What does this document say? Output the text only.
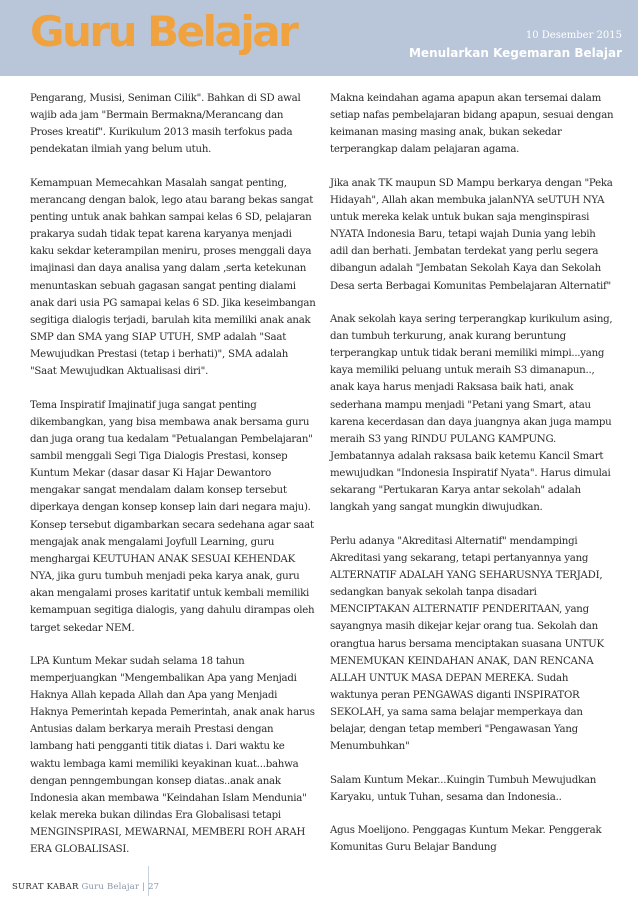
Guru Belajar	10 Desember 2015
Menularkan Kegemaran Belajar

Pengarang, Musisi, Seniman Cilik". Bahkan di SD awal wajib ada jam "Bermain Bermakna/Merancang dan Proses kreatif". Kurikulum 2013 masih terfokus pada pendekatan ilmiah yang belum utuh.

Kemampuan Memecahkan Masalah sangat penting, merancang dengan balok, lego atau barang bekas sangat penting untuk anak bahkan sampai kelas 6 SD, pelajaran prakarya sudah tidak tepat karena karyanya menjadi kaku sekdar keterampilan meniru, proses menggali daya imajinasi dan daya analisa yang dalam ,serta ketekunan menuntaskan sebuah gagasan sangat penting dialami anak dari usia PG samapai kelas 6 SD. Jika keseimbangan segitiga dialogis terjadi, barulah kita memiliki anak anak SMP dan SMA yang SIAP UTUH, SMP adalah "Saat Mewujudkan Prestasi (tetap i berhati)", SMA adalah "Saat Mewujudkan Aktualisasi diri".

Tema Inspiratif Imajinatif juga sangat penting dikembangkan, yang bisa membawa anak bersama guru dan juga orang tua kedalam "Petualangan Pembelajaran" sambil menggali Segi Tiga Dialogis Prestasi, konsep Kuntum Mekar (dasar dasar Ki Hajar Dewantoro mengakar sangat mendalam dalam konsep tersebut diperkaya dengan konsep konsep lain dari negara maju). Konsep tersebut digambarkan secara sedehana agar saat mengajak anak mengalami Joyfull Learning, guru menghargai KEUTUHAN ANAK SESUAI KEHENDAK NYA, jika guru tumbuh menjadi peka karya anak, guru akan mengalami proses karitatif untuk kembali memiliki kemampuan segitiga dialogis, yang dahulu dirampas oleh target sekedar NEM.

LPA Kuntum Mekar sudah selama 18 tahun memperjuangkan "Mengembalikan Apa yang Menjadi Haknya Allah kepada Allah dan Apa yang Menjadi Haknya Pemerintah kepada Pemerintah, anak anak harus Antusias dalam berkarya meraih Prestasi dengan lambang hati pengganti titik diatas i. Dari waktu ke waktu lembaga kami memiliki keyakinan kuat...bahwa dengan penngembungan konsep diatas..anak anak Indonesia akan membawa "Keindahan Islam Mendunia" kelak mereka bukan dilindas Era Globalisasi tetapi MENGINSPIRASI, MEWARNAI, MEMBERI ROH ARAH ERA GLOBALISASI.

Makna keindahan agama apapun akan tersemai dalam setiap nafas pembelajaran bidang apapun, sesuai dengan keimanan masing masing anak, bukan sekedar terperangkap dalam pelajaran agama.

Jika anak TK maupun SD Mampu berkarya dengan "Peka Hidayah", Allah akan membuka jalanNYA seUTUH NYA untuk mereka kelak untuk bukan saja menginspirasi NYATA Indonesia Baru, tetapi wajah Dunia yang lebih adil dan berhati. Jembatan terdekat yang perlu segera dibangun adalah "Jembatan Sekolah Kaya dan Sekolah Desa serta Berbagai Komunitas Pembelajaran Alternatif"

Anak sekolah kaya sering terperangkap kurikulum asing, dan tumbuh terkurung, anak kurang beruntung terperangkap untuk tidak berani memiliki mimpi...yang kaya memiliki peluang untuk meraih S3 dimanapun.., anak kaya harus menjadi Raksasa baik hati, anak sederhana mampu menjadi "Petani yang Smart, atau karena kecerdasan dan daya juangnya akan juga mampu meraih S3 yang RINDU PULANG KAMPUNG. Jembatannya adalah raksasa baik ketemu Kancil Smart mewujudkan "Indonesia Inspiratif Nyata". Harus dimulai sekarang "Pertukaran Karya antar sekolah" adalah langkah yang sangat mungkin diwujudkan.

Perlu adanya "Akreditasi Alternatif" mendampingi Akreditasi yang sekarang, tetapi pertanyannya yang ALTERNATIF ADALAH YANG SEHARUSNYA TERJADI, sedangkan banyak sekolah tanpa disadari MENCIPTAKAN ALTERNATIF PENDERITAAN, yang sayangnya masih dikejar kejar orang tua. Sekolah dan orangtua harus bersama menciptakan suasana UNTUK MENEMUKAN KEINDAHAN ANAK, DAN RENCANA ALLAH UNTUK MASA DEPAN MEREKA. Sudah waktunya peran PENGAWAS diganti INSPIRATOR SEKOLAH, ya sama sama belajar memperkaya dan belajar, dengan tetap memberi "Pengawasan Yang Menumbuhkan"

Salam Kuntum Mekar...Kuingin Tumbuh Mewujudkan Karyaku, untuk Tuhan, sesama dan Indonesia..

Agus Moelijono. Penggagas Kuntum Mekar. Penggerak Komunitas Guru Belajar Bandung

SURAT KABAR Guru Belajar | 27
